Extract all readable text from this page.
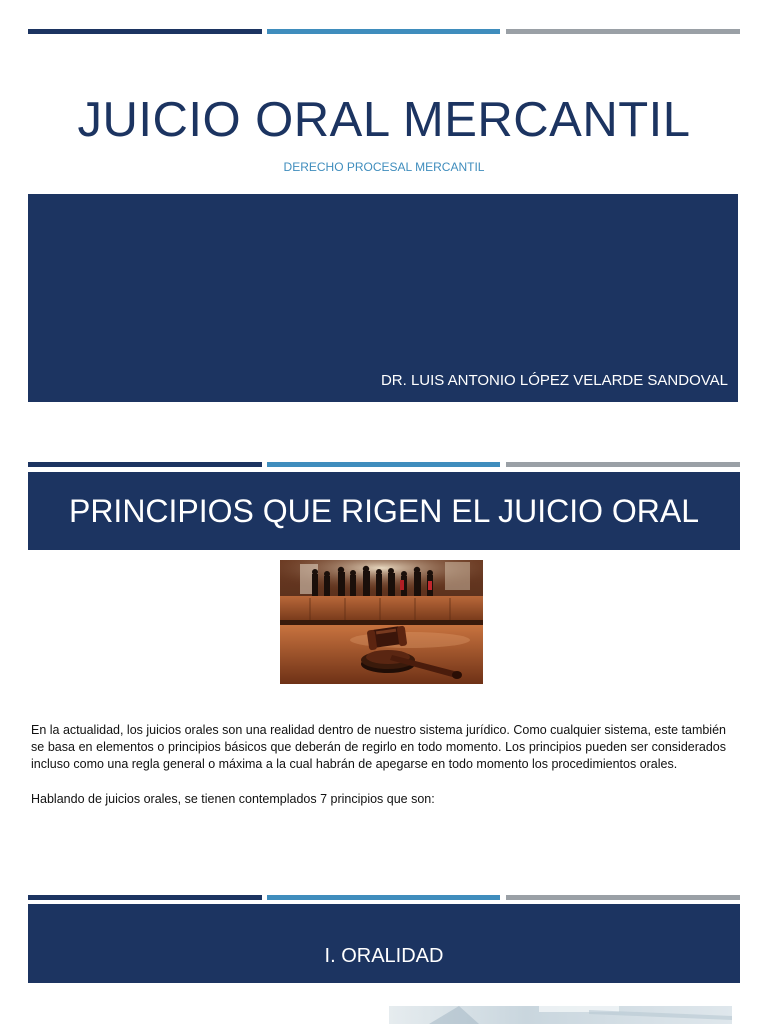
JUICIO ORAL MERCANTIL
DERECHO PROCESAL MERCANTIL
DR. LUIS ANTONIO LÓPEZ VELARDE SANDOVAL
PRINCIPIOS QUE RIGEN EL JUICIO ORAL

En la actualidad, los juicios orales son una realidad dentro de nuestro sistema jurídico. Como cualquier sistema, este también se basa en elementos o principios básicos que deberán de regirlo en todo momento. Los principios pueden ser considerados incluso como una regla general o máxima a la cual habrán de apegarse en todo momento los procedimientos orales.

Hablando de juicios orales, se tienen contemplados 7 principios que son:

I. ORALIDAD
